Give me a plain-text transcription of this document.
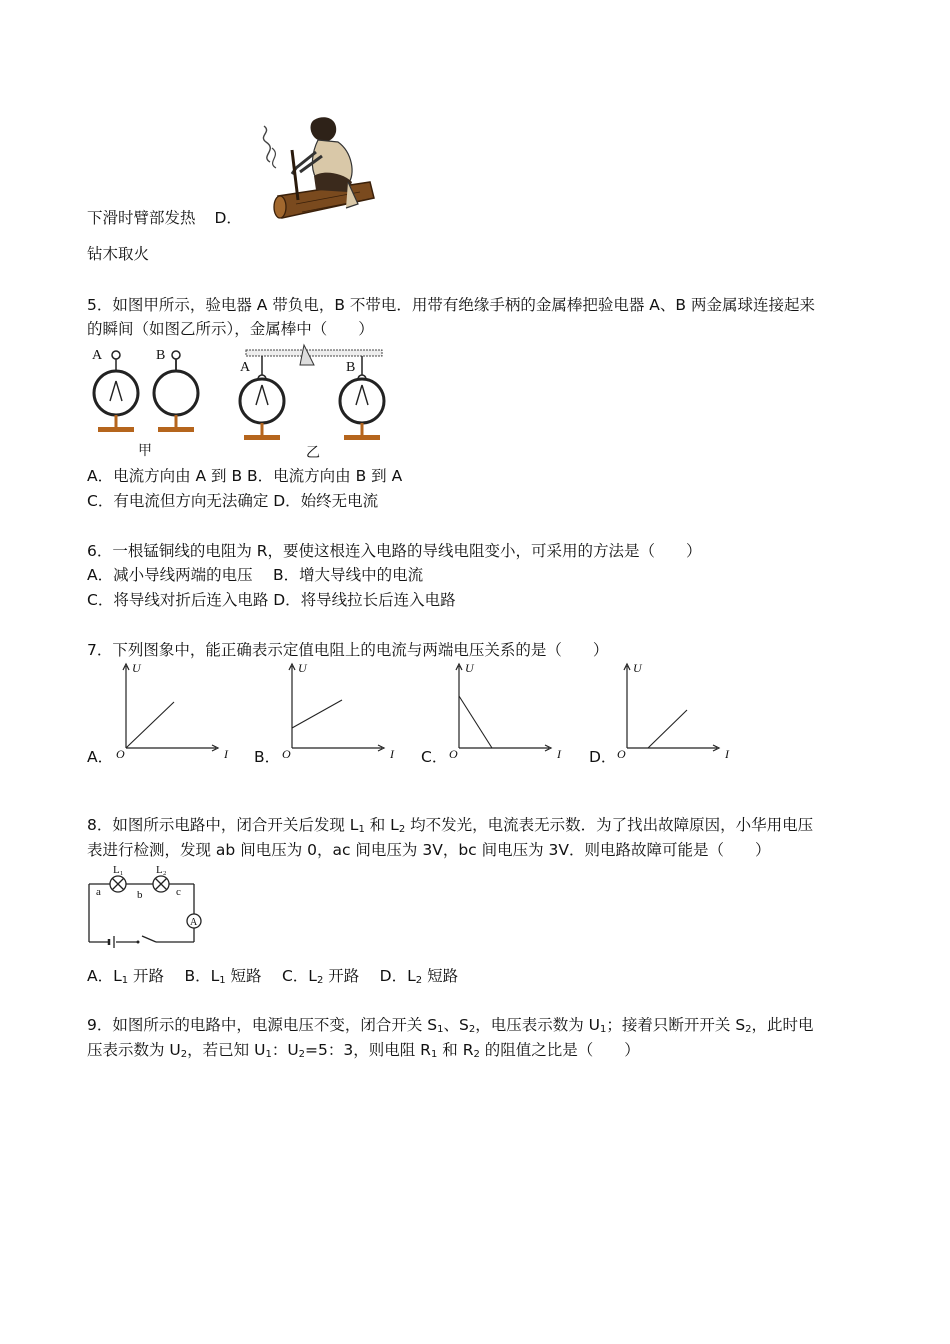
下滑时臂部发热 D．
钻木取火
5．如图甲所示，验电器 A 带负电，B 不带电．用带有绝缘手柄的金属棒把验电器 A、B 两金属球连接起来
的瞬间（如图乙所示），金属棒中（　　）
A	B
甲
A	B
乙
A．电流方向由 A 到 B B．电流方向由 B 到 A
C．有电流但方向无法确定 D．始终无电流
6．一根锰铜线的电阻为 R，要使这根连入电路的导线电阻变小，可采用的方法是（　　）
A．减小导线两端的电压　 B．增大导线中的电流
C．将导线对折后连入电路 D．将导线拉长后连入电路
7．下列图象中，能正确表示定值电阻上的电流与两端电压关系的是（　　）
A．
U
I
O	B．
U
I
O	C．
U
I
O	D．
U
I
O
8．如图所示电路中，闭合开关后发现 $L_1$ 和 $L_2$ 均不发光，电流表无示数．为了找出故障原因，小华用电压
表进行检测，发现 ab 间电压为 0，ac 间电压为 3V，bc 间电压为 3V．则电路故障可能是（　　）
a	b	c
L₁	L₂
A
A．$L_1$ 开路　 B．$L_1$ 短路　 C．$L_2$ 开路　 D．$L_2$ 短路
9．如图所示的电路中，电源电压不变，闭合开关 $S_1$、$S_2$，电压表示数为 $U_1$；接着只断开开关 $S_2$，此时电
压表示数为 $U_2$，若已知 $U_1$：$U_2=5$：3，则电阻 $R_1$ 和 $R_2$ 的阻值之比是（　　）
